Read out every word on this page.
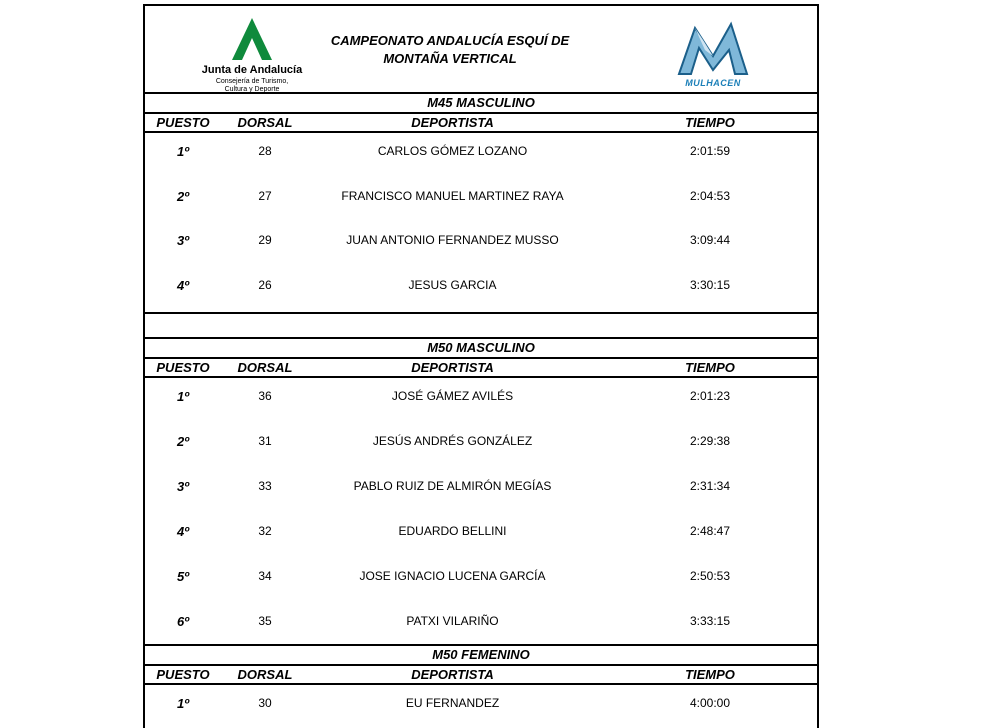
Junta de Andalucía
Consejería de Turismo,
Cultura y Deporte
CAMPEONATO ANDALUCÍA ESQUÍ DE
MONTAÑA VERTICAL
MULHACEN
M45 MASCULINO
PUESTO	DORSAL	DEPORTISTA	TIEMPO
1º	28	CARLOS GÓMEZ LOZANO	2:01:59
2º	27	FRANCISCO MANUEL MARTINEZ RAYA	2:04:53
3º	29	JUAN ANTONIO FERNANDEZ MUSSO	3:09:44
4º	26	JESUS GARCIA	3:30:15
M50 MASCULINO
PUESTO	DORSAL	DEPORTISTA	TIEMPO
1º	36	JOSÉ GÁMEZ AVILÉS	2:01:23
2º	31	JESÚS ANDRÉS GONZÁLEZ	2:29:38
3º	33	PABLO RUIZ DE ALMIRÓN MEGÍAS	2:31:34
4º	32	EDUARDO BELLINI	2:48:47
5º	34	JOSE IGNACIO LUCENA GARCÍA	2:50:53
6º	35	PATXI VILARIÑO	3:33:15
M50 FEMENINO
PUESTO	DORSAL	DEPORTISTA	TIEMPO
1º	30	EU FERNANDEZ	4:00:00
